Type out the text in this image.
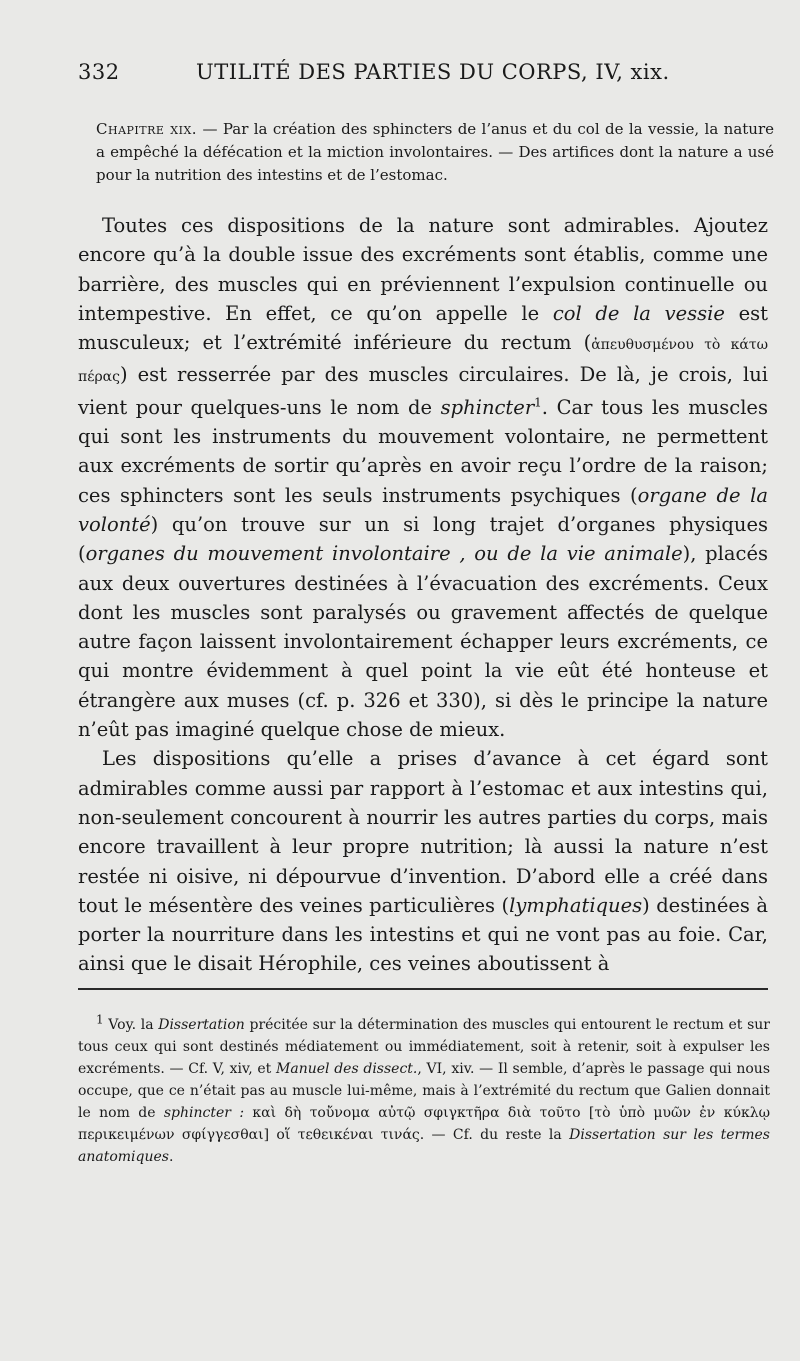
332	UTILITÉ DES PARTIES DU CORPS, IV, xix.
Chapitre xix. — Par la création des sphincters de l’anus et du col de la vessie, la nature a empêché la défécation et la miction involontaires. — Des artifices dont la nature a usé pour la nutrition des intestins et de l’estomac.

Toutes ces dispositions de la nature sont admirables. Ajoutez encore qu’à la double issue des excréments sont établis, comme une barrière, des muscles qui en préviennent l’expulsion continuelle ou intempestive. En effet, ce qu’on appelle le col de la vessie est musculeux; et l’extrémité inférieure du rectum (ἀπευθυσμένου τὸ κάτω πέρας) est resserrée par des muscles circulaires. De là, je crois, lui vient pour quelques-uns le nom de sphincter$^1$. Car tous les muscles qui sont les instruments du mouvement volontaire, ne permettent aux excréments de sortir qu’après en avoir reçu l’ordre de la raison; ces sphincters sont les seuls instruments psychiques (organe de la volonté) qu’on trouve sur un si long trajet d’organes physiques (organes du mouvement involontaire , ou de la vie animale), placés aux deux ouvertures destinées à l’évacuation des excréments. Ceux dont les muscles sont paralysés ou gravement affectés de quelque autre façon laissent involontairement échapper leurs excréments, ce qui montre évidemment à quel point la vie eût été honteuse et étrangère aux muses (cf. p. 326 et 330), si dès le principe la nature n’eût pas imaginé quelque chose de mieux.

Les dispositions qu’elle a prises d’avance à cet égard sont admirables comme aussi par rapport à l’estomac et aux intestins qui, non-seulement concourent à nourrir les autres parties du corps, mais encore travaillent à leur propre nutrition; là aussi la nature n’est restée ni oisive, ni dépourvue d’invention. D’abord elle a créé dans tout le mésentère des veines particulières (lymphatiques) destinées à porter la nourriture dans les intestins et qui ne vont pas au foie. Car, ainsi que le disait Hérophile, ces veines aboutissent à

$^1$ Voy. la Dissertation précitée sur la détermination des muscles qui entourent le rectum et sur tous ceux qui sont destinés médiatement ou immédiatement, soit à retenir, soit à expulser les excréments. — Cf. V, xiv, et Manuel des dissect., VI, xiv. — Il semble, d’après le passage qui nous occupe, que ce n’était pas au muscle lui-même, mais à l’extrémité du rectum que Galien donnait le nom de sphincter : καὶ δὴ τοὔνομα αὐτῷ σφιγκτῆρα διὰ τοῦτο [τὸ ὑπὸ μυῶν ἐν κύκλῳ περικειμένων σφίγγεσθαι] οἵ τεθεικέναι τινάς. — Cf. du reste la Dissertation sur les termes anatomiques.
